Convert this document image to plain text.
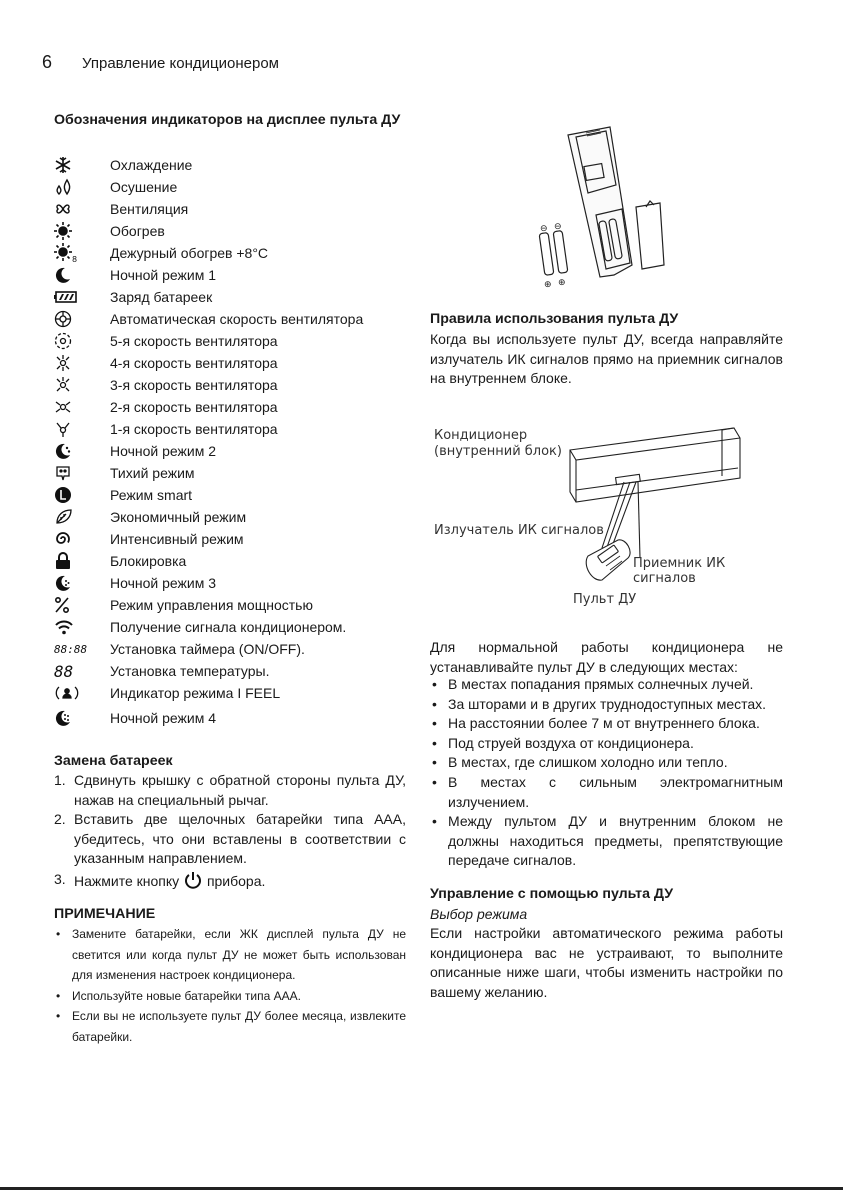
6 Управление кондиционером
Обозначения индикаторов на дисплее пульта ДУ
Охлаждение
Осушение
Вентиляция
Обогрев
8 Дежурный обогрев +8°C
Ночной режим 1
Заряд батареек
Автоматическая скорость вентилятора
5-я скорость вентилятора
4-я скорость вентилятора
3-я скорость вентилятора
2-я скорость вентилятора
1-я скорость вентилятора
Ночной режим 2
Тихий режим
Режим smart
Экономичный режим
Интенсивный режим
Блокировка
Ночной режим 3
Режим управления мощностью
Получение сигнала кондиционером.
88:88 Установка таймера (ON/OFF).
88	Установка температуры.
Индикатор режима I FEEL
Ночной режим 4
Замена батареек
1. Сдвинуть крышку с обратной стороны пульта ДУ, нажав на специальный рычаг.
2. Вставить две щелочных батарейки типа AAA, убедитесь, что они вставлены в соответствии с указанным направлением.
3. Нажмите кнопку прибора.
ПРИМЕЧАНИЕ
• Замените батарейки, если ЖК дисплей пульта ДУ не светится или когда пульт ДУ не может быть использован для изменения настроек кондиционера.
• Используйте новые батарейки типа AAA.
• Если вы не используете пульт ДУ более месяца, извлеките батарейки.
⊖ ⊖
⊕ ⊕
Правила использования пульта ДУ

Когда вы используете пульт ДУ, всегда направляйте излучатель ИК сигналов прямо на приемник сигналов на внутреннем блоке.

Кондиционер
(внутренний блок)
Излучатель ИК сигналов
Приемник ИК сигналов
Пульт ДУ

Для нормальной работы кондиционера не устанавливайте пульт ДУ в следующих местах:

• В местах попадания прямых солнечных лучей.
• За шторами и в других труднодоступных местах.
• На расстоянии более 7 м от внутреннего блока.
• Под струей воздуха от кондиционера.
• В местах, где слишком холодно или тепло.
• В местах с сильным электромагнитным излучением.
• Между пультом ДУ и внутренним блоком не должны находиться предметы, препятствующие передаче сигналов.
Управление с помощью пульта ДУ

Выбор режима

Если настройки автоматического режима работы кондиционера вас не устраивают, то выполните описанные ниже шаги, чтобы изменить настройки по вашему желанию.
